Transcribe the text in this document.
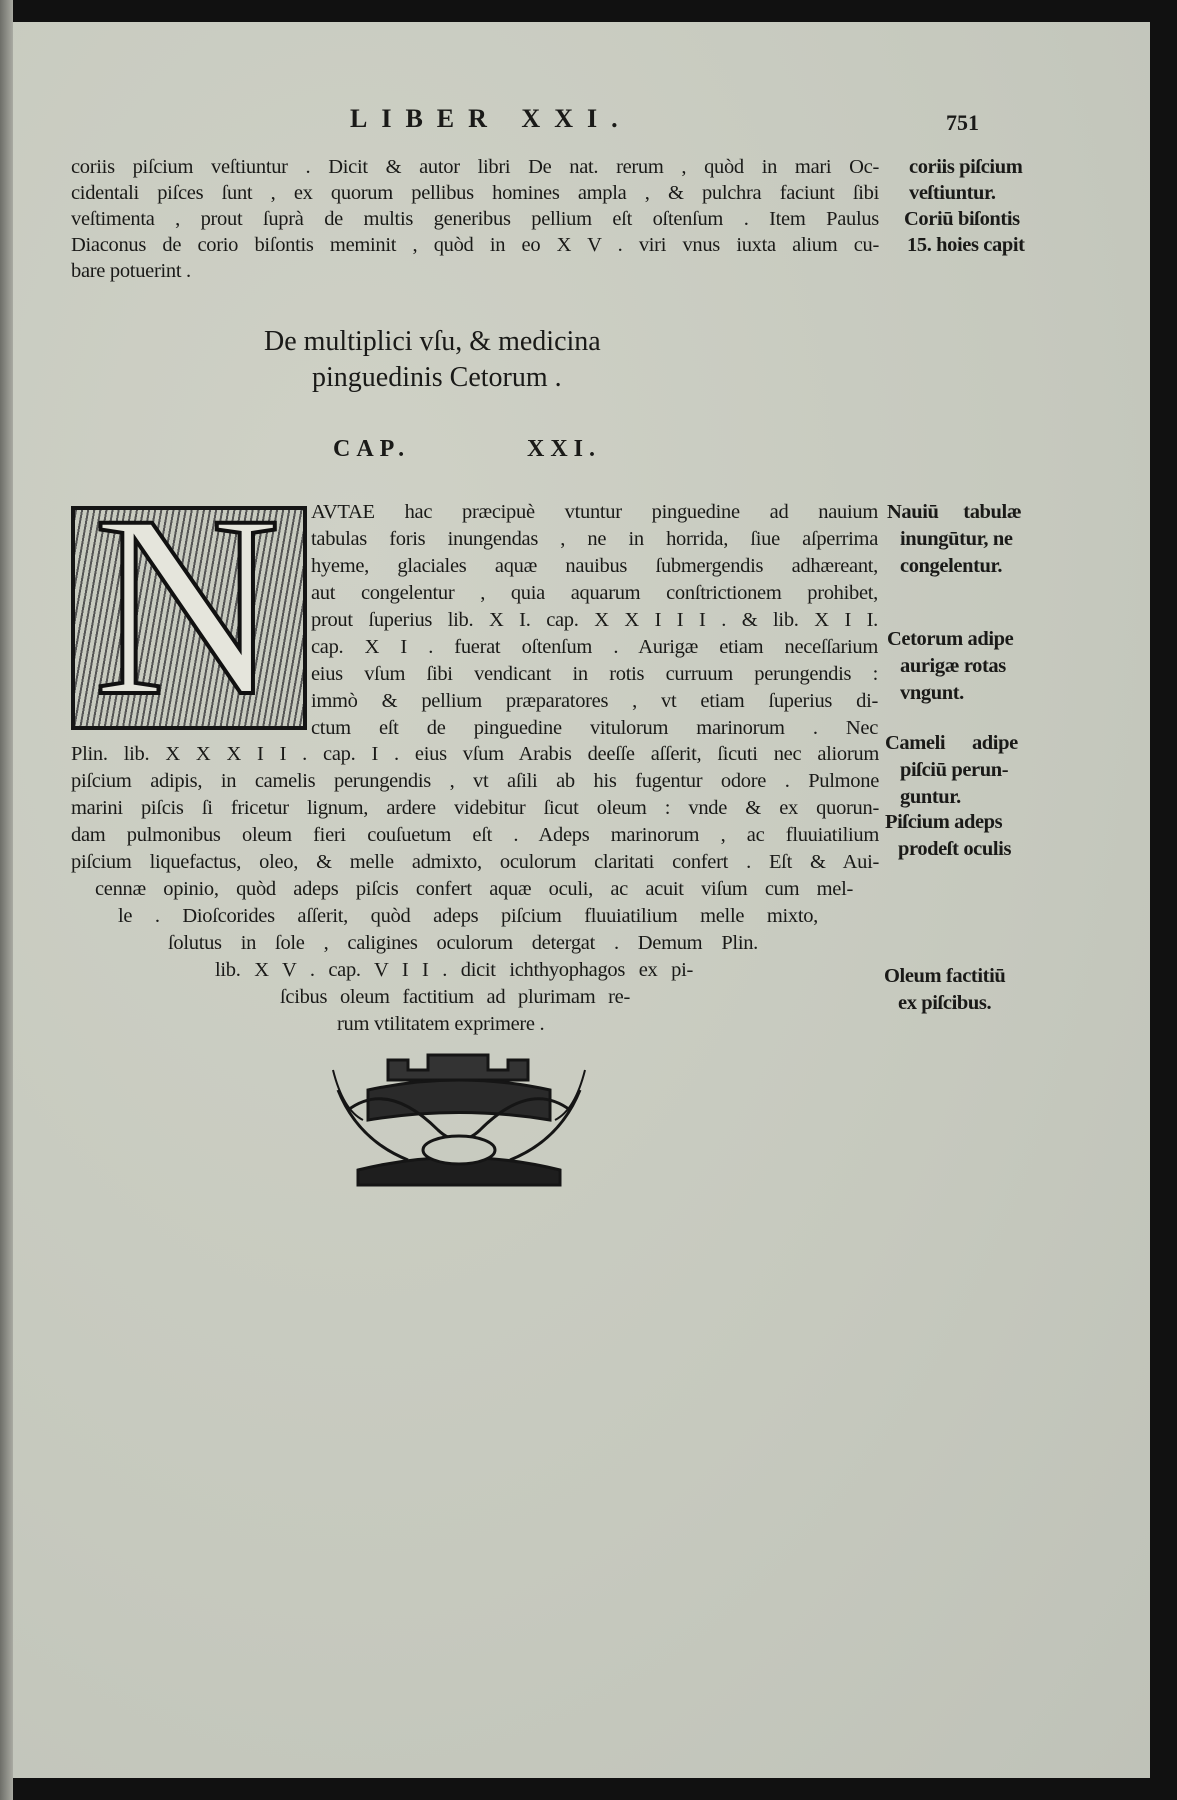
LIBER XXI.	751
coriis piſcium veſtiuntur . Dicit & autor libri De nat. rerum , quòd in mari Oc-
cidentali piſces ſunt , ex quorum pellibus homines ampla , & pulchra faciunt ſibi
veſtimenta , prout ſuprà de multis generibus pellium eſt oſtenſum . Item Paulus
Diaconus de corio biſontis meminit , quòd in eo X V . viri vnus iuxta alium cu-
bare potuerint .
De multiplici vſu, & medicina
pinguedinis Cetorum .
CAP.	XXI.
N AVTAE hac præcipuè vtuntur pinguedine ad nauium
tabulas foris inungendas , ne in horrida, ſiue aſperrima
hyeme, glaciales aquæ nauibus ſubmergendis adhæreant,
aut congelentur , quia aquarum conſtrictionem prohibet,
prout ſuperius lib. X I. cap. X X I I I . & lib. X I I.
cap. X I . fuerat oſtenſum . Aurigæ etiam neceſſarium
eius vſum ſibi vendicant in rotis curruum perungendis :
immò & pellium præparatores , vt etiam ſuperius di-
ctum eſt de pinguedine vitulorum marinorum . Nec
Plin. lib. X X X I I . cap. I . eius vſum Arabis deeſſe aſſerit, ſicuti nec aliorum
piſcium adipis, in camelis perungendis , vt aſili ab his fugentur odore . Pulmone
marini piſcis ſi fricetur lignum, ardere videbitur ſicut oleum : vnde & ex quorun-
dam pulmonibus oleum fieri couſuetum eſt . Adeps marinorum , ac fluuiatilium
piſcium liquefactus, oleo, & melle admixto, oculorum claritati confert . Eſt & Aui-
cennæ opinio, quòd adeps piſcis confert aquæ oculi, ac acuit viſum cum mel-
le . Dioſcorides aſſerit, quòd adeps piſcium fluuiatilium melle mixto,
ſolutus in ſole , caligines oculorum detergat . Demum Plin.
lib. X V . cap. V I I . dicit ichthyophagos ex pi-
ſcibus oleum factitium ad plurimam re-
rum vtilitatem exprimere .
coriis piſcium
veſtiuntur.
Coriū biſontis
15. hoies capit
Nauiū tabulæ
inungūtur, ne
congelentur.
Cetorum adipe
aurigæ rotas
vngunt.
Cameli adipe
piſciū perun-
guntur.
Piſcium adeps
prodeſt oculis
Oleum factitiū
ex piſcibus.
